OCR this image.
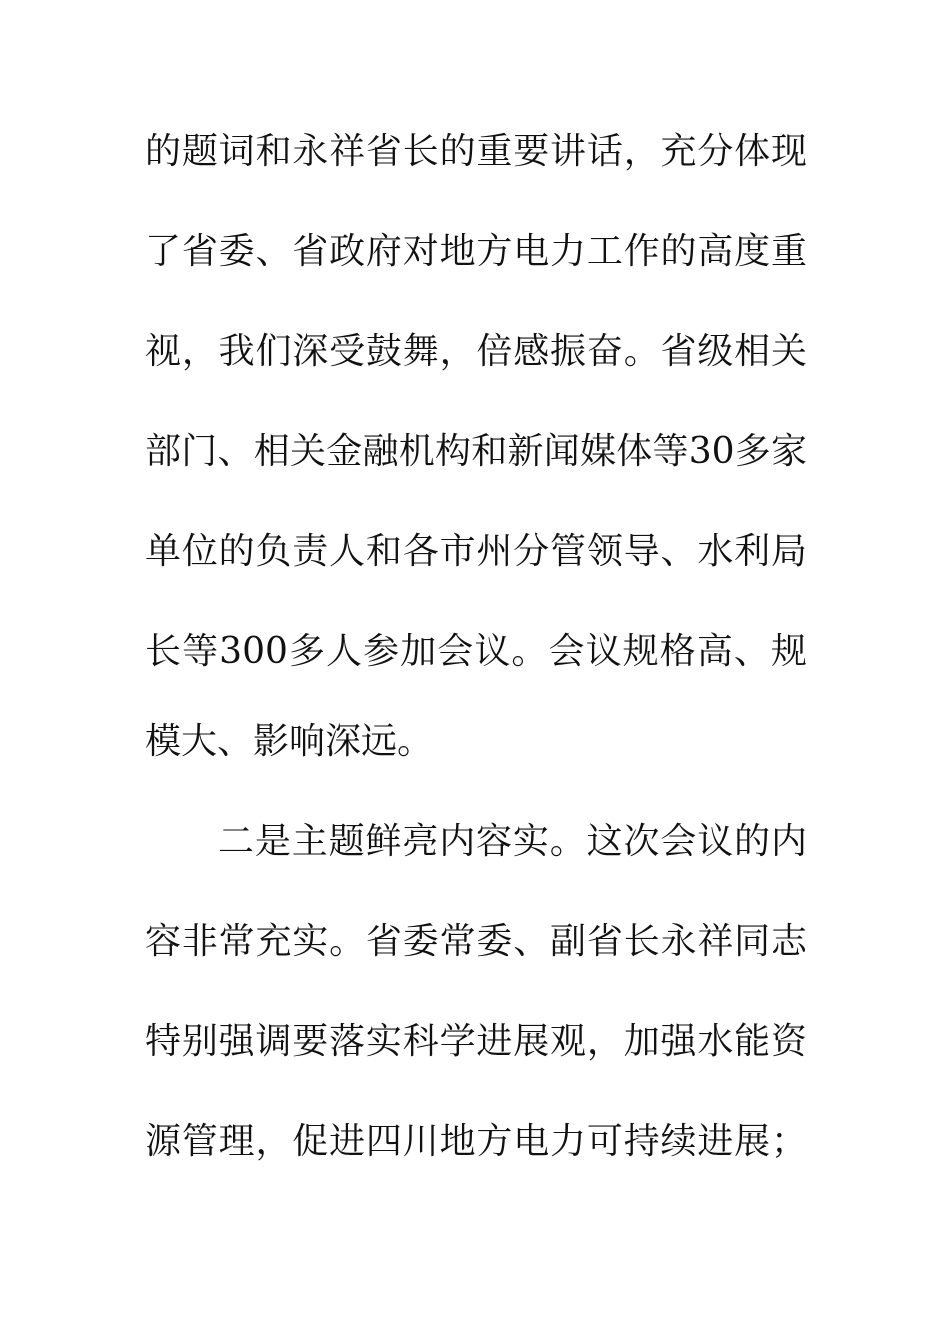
的题词和永祥省长的重要讲话，充分体现
了省委、省政府对地方电力工作的高度重
视，我们深受鼓舞，倍感振奋。省级相关
部门、相关金融机构和新闻媒体等30多家
单位的负责人和各市州分管领导、水利局
长等300多人参加会议。会议规格高、规
模大、影响深远。
二是主题鲜亮内容实。这次会议的内
容非常充实。省委常委、副省长永祥同志
特别强调要落实科学进展观，加强水能资
源管理，促进四川地方电力可持续进展；
